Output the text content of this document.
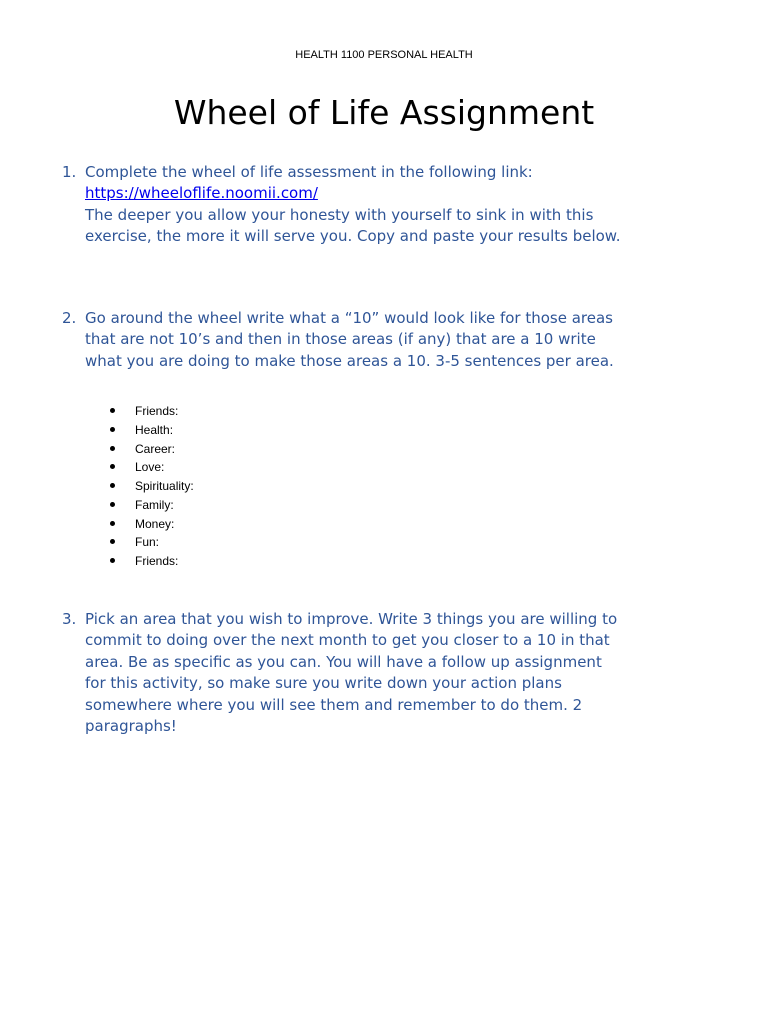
HEALTH 1100 PERSONAL HEALTH
Wheel of Life Assignment
1. Complete the wheel of life assessment in the following link:
https://wheeloflife.noomii.com/
The deeper you allow your honesty with yourself to sink in with this
exercise, the more it will serve you. Copy and paste your results below.
2. Go around the wheel write what a “10” would look like for those areas
that are not 10’s and then in those areas (if any) that are a 10 write
what you are doing to make those areas a 10. 3-5 sentences per area.
Friends:
Health:
Career:
Love:
Spirituality:
Family:
Money:
Fun:
Friends:
3. Pick an area that you wish to improve. Write 3 things you are willing to
commit to doing over the next month to get you closer to a 10 in that
area. Be as specific as you can. You will have a follow up assignment
for this activity, so make sure you write down your action plans
somewhere where you will see them and remember to do them. 2
paragraphs!
